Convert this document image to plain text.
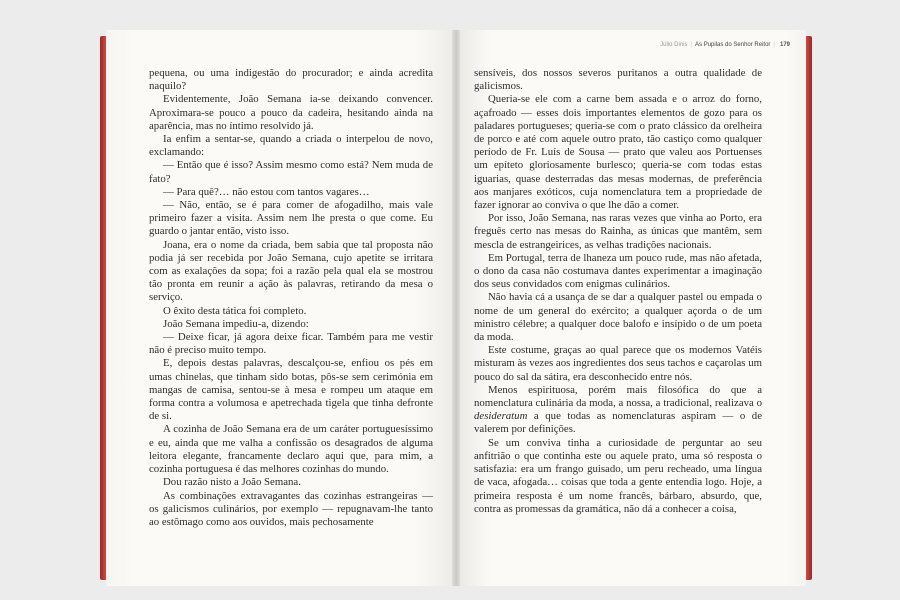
pequena, ou uma indigestão do procurador; e ainda acredita naquilo?

Evidentemente, João Semana ia-se deixando convencer. Aproximara-se pouco a pouco da cadeira, hesitando ainda na aparência, mas no íntimo resolvido já.

Ia enfim a sentar-se, quando a criada o interpelou de novo, exclamando:

— Então que é isso? Assim mesmo como está? Nem muda de fato?

— Para quê?… não estou com tantos vagares…

— Não, então, se é para comer de afogadilho, mais vale primeiro fazer a visita. Assim nem lhe presta o que come. Eu guardo o jantar então, visto isso.

Joana, era o nome da criada, bem sabia que tal proposta não podia já ser recebida por João Semana, cujo apetite se irritara com as exalações da sopa; foi a razão pela qual ela se mostrou tão pronta em reunir a ação às palavras, retirando da mesa o serviço.

O êxito desta tática foi completo.

João Semana impediu-a, dizendo:

— Deixe ficar, já agora deixe ficar. Também para me vestir não é preciso muito tempo.

E, depois destas palavras, descalçou-se, enfiou os pés em umas chinelas, que tinham sido botas, pôs-se sem cerimónia em mangas de camisa, sentou-se à mesa e rompeu um ataque em forma contra a volumosa e apetrechada tigela que tinha defronte de si.

A cozinha de João Semana era de um caráter portuguesíssimo e eu, ainda que me valha a confissão os desagrados de alguma leitora elegante, francamente declaro aqui que, para mim, a cozinha portuguesa é das melhores cozinhas do mundo.

Dou razão nisto a João Semana.

As combinações extravagantes das cozinhas estrangeiras — os galicismos culinários, por exemplo — repugnavam-lhe tanto ao estômago como aos ouvidos, mais pechosamente

Júlio Dinis | As Pupilas do Senhor Reitor | 179

sensíveis, dos nossos severos puritanos a outra qualidade de galicismos.

Queria-se ele com a carne bem assada e o arroz do forno, açafroado — esses dois importantes elementos de gozo para os paladares portugueses; queria-se com o prato clássico da orelheira de porco e até com aquele outro prato, tão castiço como qualquer período de Fr. Luís de Sousa — prato que valeu aos Portuenses um epíteto gloriosamente burlesco; queria-se com todas estas iguarias, quase desterradas das mesas modernas, de preferência aos manjares exóticos, cuja nomenclatura tem a propriedade de fazer ignorar ao conviva o que lhe dão a comer.

Por isso, João Semana, nas raras vezes que vinha ao Porto, era freguês certo nas mesas do Rainha, as únicas que mantêm, sem mescla de estrangeirices, as velhas tradições nacionais.

Em Portugal, terra de lhaneza um pouco rude, mas não afetada, o dono da casa não costumava dantes experimentar a imaginação dos seus convidados com enigmas culinários.

Não havia cá a usança de se dar a qualquer pastel ou empada o nome de um general do exército; a qualquer açorda o de um ministro célebre; a qualquer doce balofo e insípido o de um poeta da moda.

Este costume, graças ao qual parece que os modernos Vatéis misturam às vezes aos ingredientes dos seus tachos e caçarolas um pouco do sal da sátira, era desconhecido entre nós.

Menos espirituosa, porém mais filosófica do que a nomenclatura culinária da moda, a nossa, a tradicional, realizava o desideratum a que todas as nomenclaturas aspiram — o de valerem por definições.

Se um conviva tinha a curiosidade de perguntar ao seu anfitrião o que continha este ou aquele prato, uma só resposta o satisfazia: era um frango guisado, um peru recheado, uma língua de vaca, afogada… coisas que toda a gente entendia logo. Hoje, a primeira resposta é um nome francês, bárbaro, absurdo, que, contra as promessas da gramática, não dá a conhecer a coisa,
